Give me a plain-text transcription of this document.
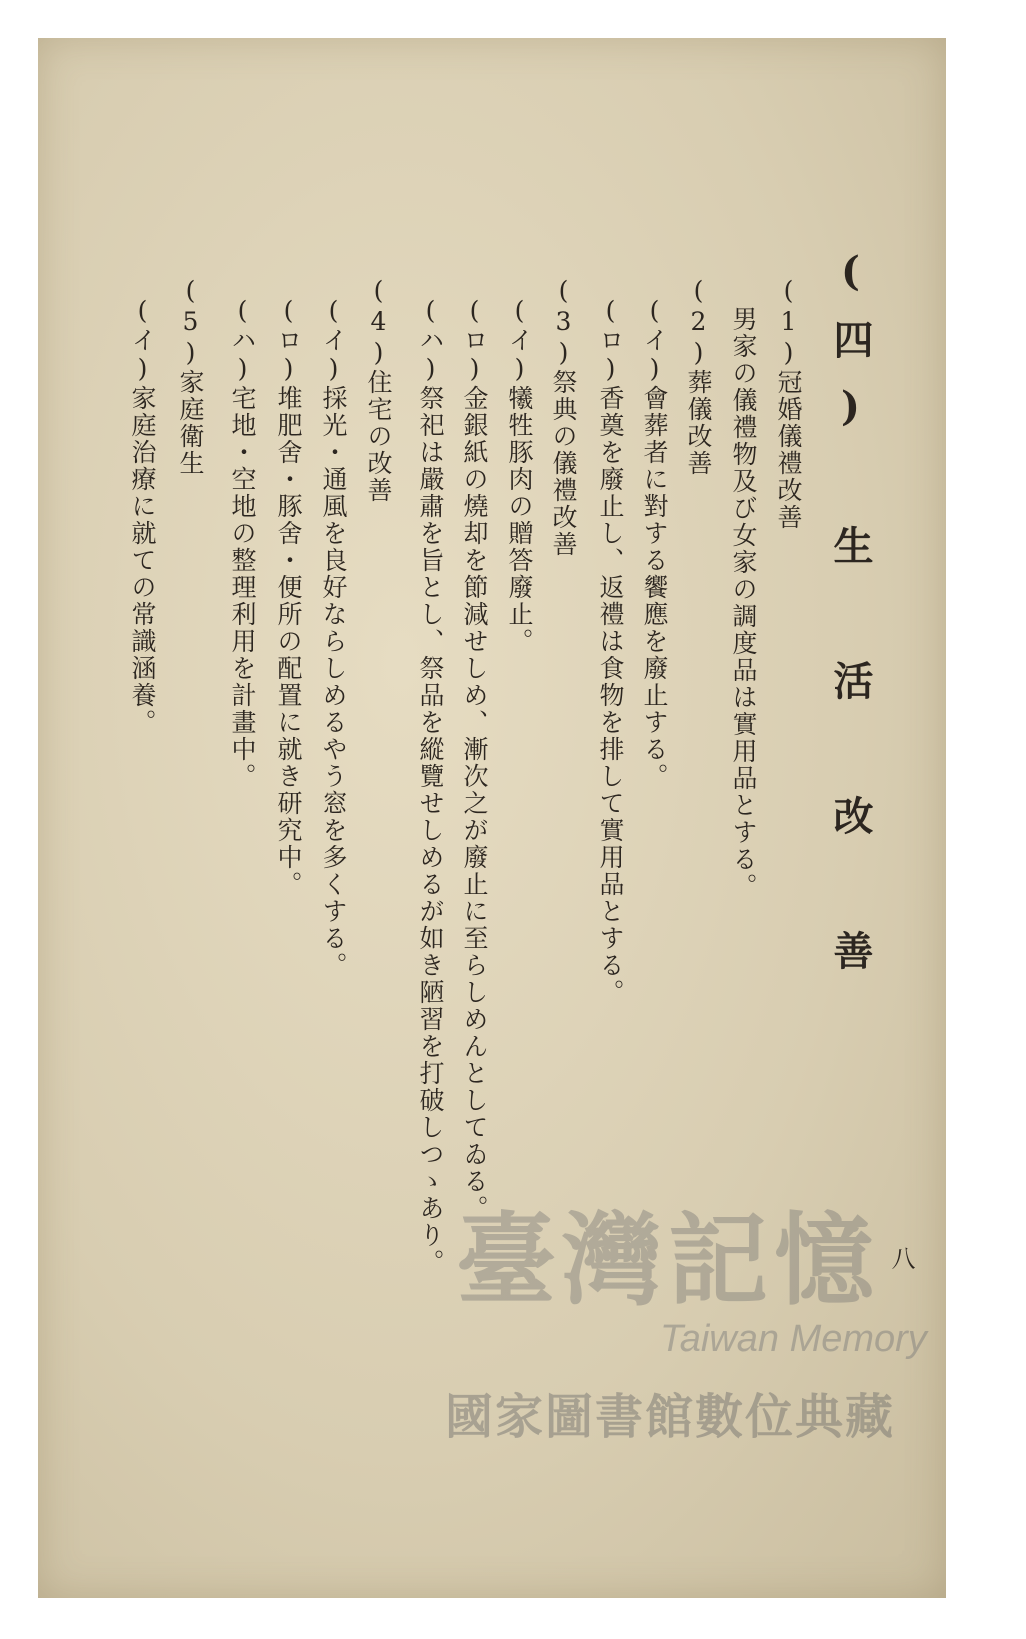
(四) 生 活 改 善
(1)冠婚儀禮改善
男家の儀禮物及び女家の調度品は實用品とする。
(2)葬儀改善
(イ)會葬者に對する饗應を廢止する。
(ロ)香奠を廢止し、返禮は食物を排して實用品とする。
(3)祭典の儀禮改善
(イ)犧牲豚肉の贈答廢止。
(ロ)金銀紙の燒却を節減せしめ、漸次之が廢止に至らしめんとしてゐる。
(ハ)祭祀は嚴肅を旨とし、祭品を縱覽せしめるが如き陋習を打破しつゝあり。
(4)住宅の改善
(イ)採光・通風を良好ならしめるやう窓を多くする。
(ロ)堆肥舍・豚舍・便所の配置に就き研究中。
(ハ)宅地・空地の整理利用を計畫中。
(5)家庭衛生
(イ)家庭治療に就ての常識涵養。
八
臺灣記憶
Taiwan Memory
國家圖書館數位典藏
